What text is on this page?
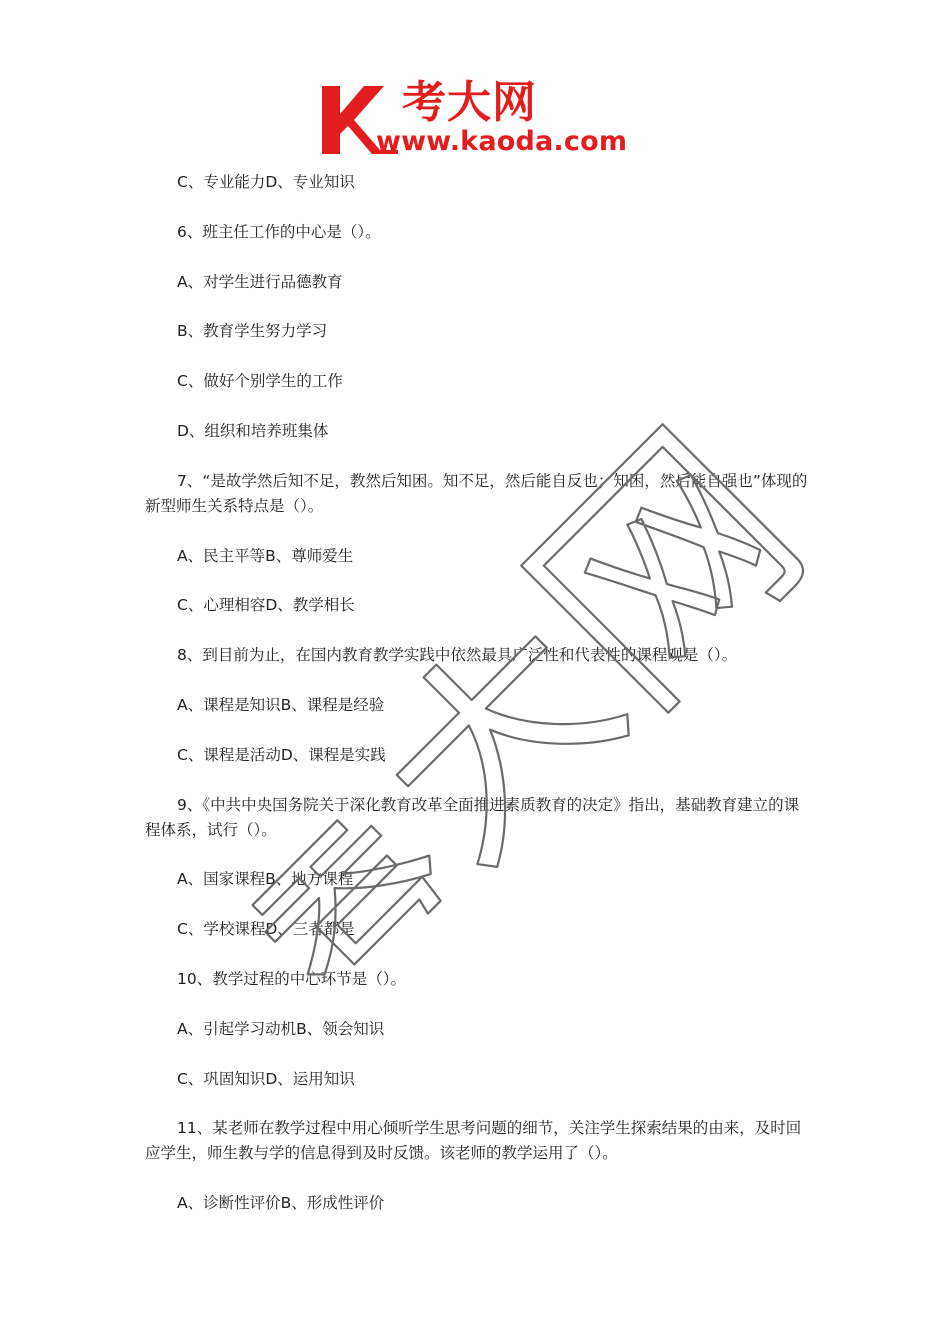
考大网
www.kaoda.com

C、专业能力D、专业知识

6、班主任工作的中心是（）。

A、对学生进行品德教育

B、教育学生努力学习

C、做好个别学生的工作

D、组织和培养班集体

7、“是故学然后知不足，教然后知困。知不足，然后能自反也；知困，然后能自强也”体现的新型师生关系特点是（）。

A、民主平等B、尊师爱生

C、心理相容D、教学相长

8、到目前为止，在国内教育教学实践中依然最具广泛性和代表性的课程观是（）。

A、课程是知识B、课程是经验

C、课程是活动D、课程是实践

9、《中共中央国务院关于深化教育改革全面推进素质教育的决定》指出，基础教育建立的课程体系，试行（）。

A、国家课程B、地方课程

C、学校课程D、三者都是

10、教学过程的中心环节是（）。

A、引起学习动机B、领会知识

C、巩固知识D、运用知识

11、某老师在教学过程中用心倾听学生思考问题的细节，关注学生探索结果的由来，及时回应学生，师生教与学的信息得到及时反馈。该老师的教学运用了（）。

A、诊断性评价B、形成性评价
